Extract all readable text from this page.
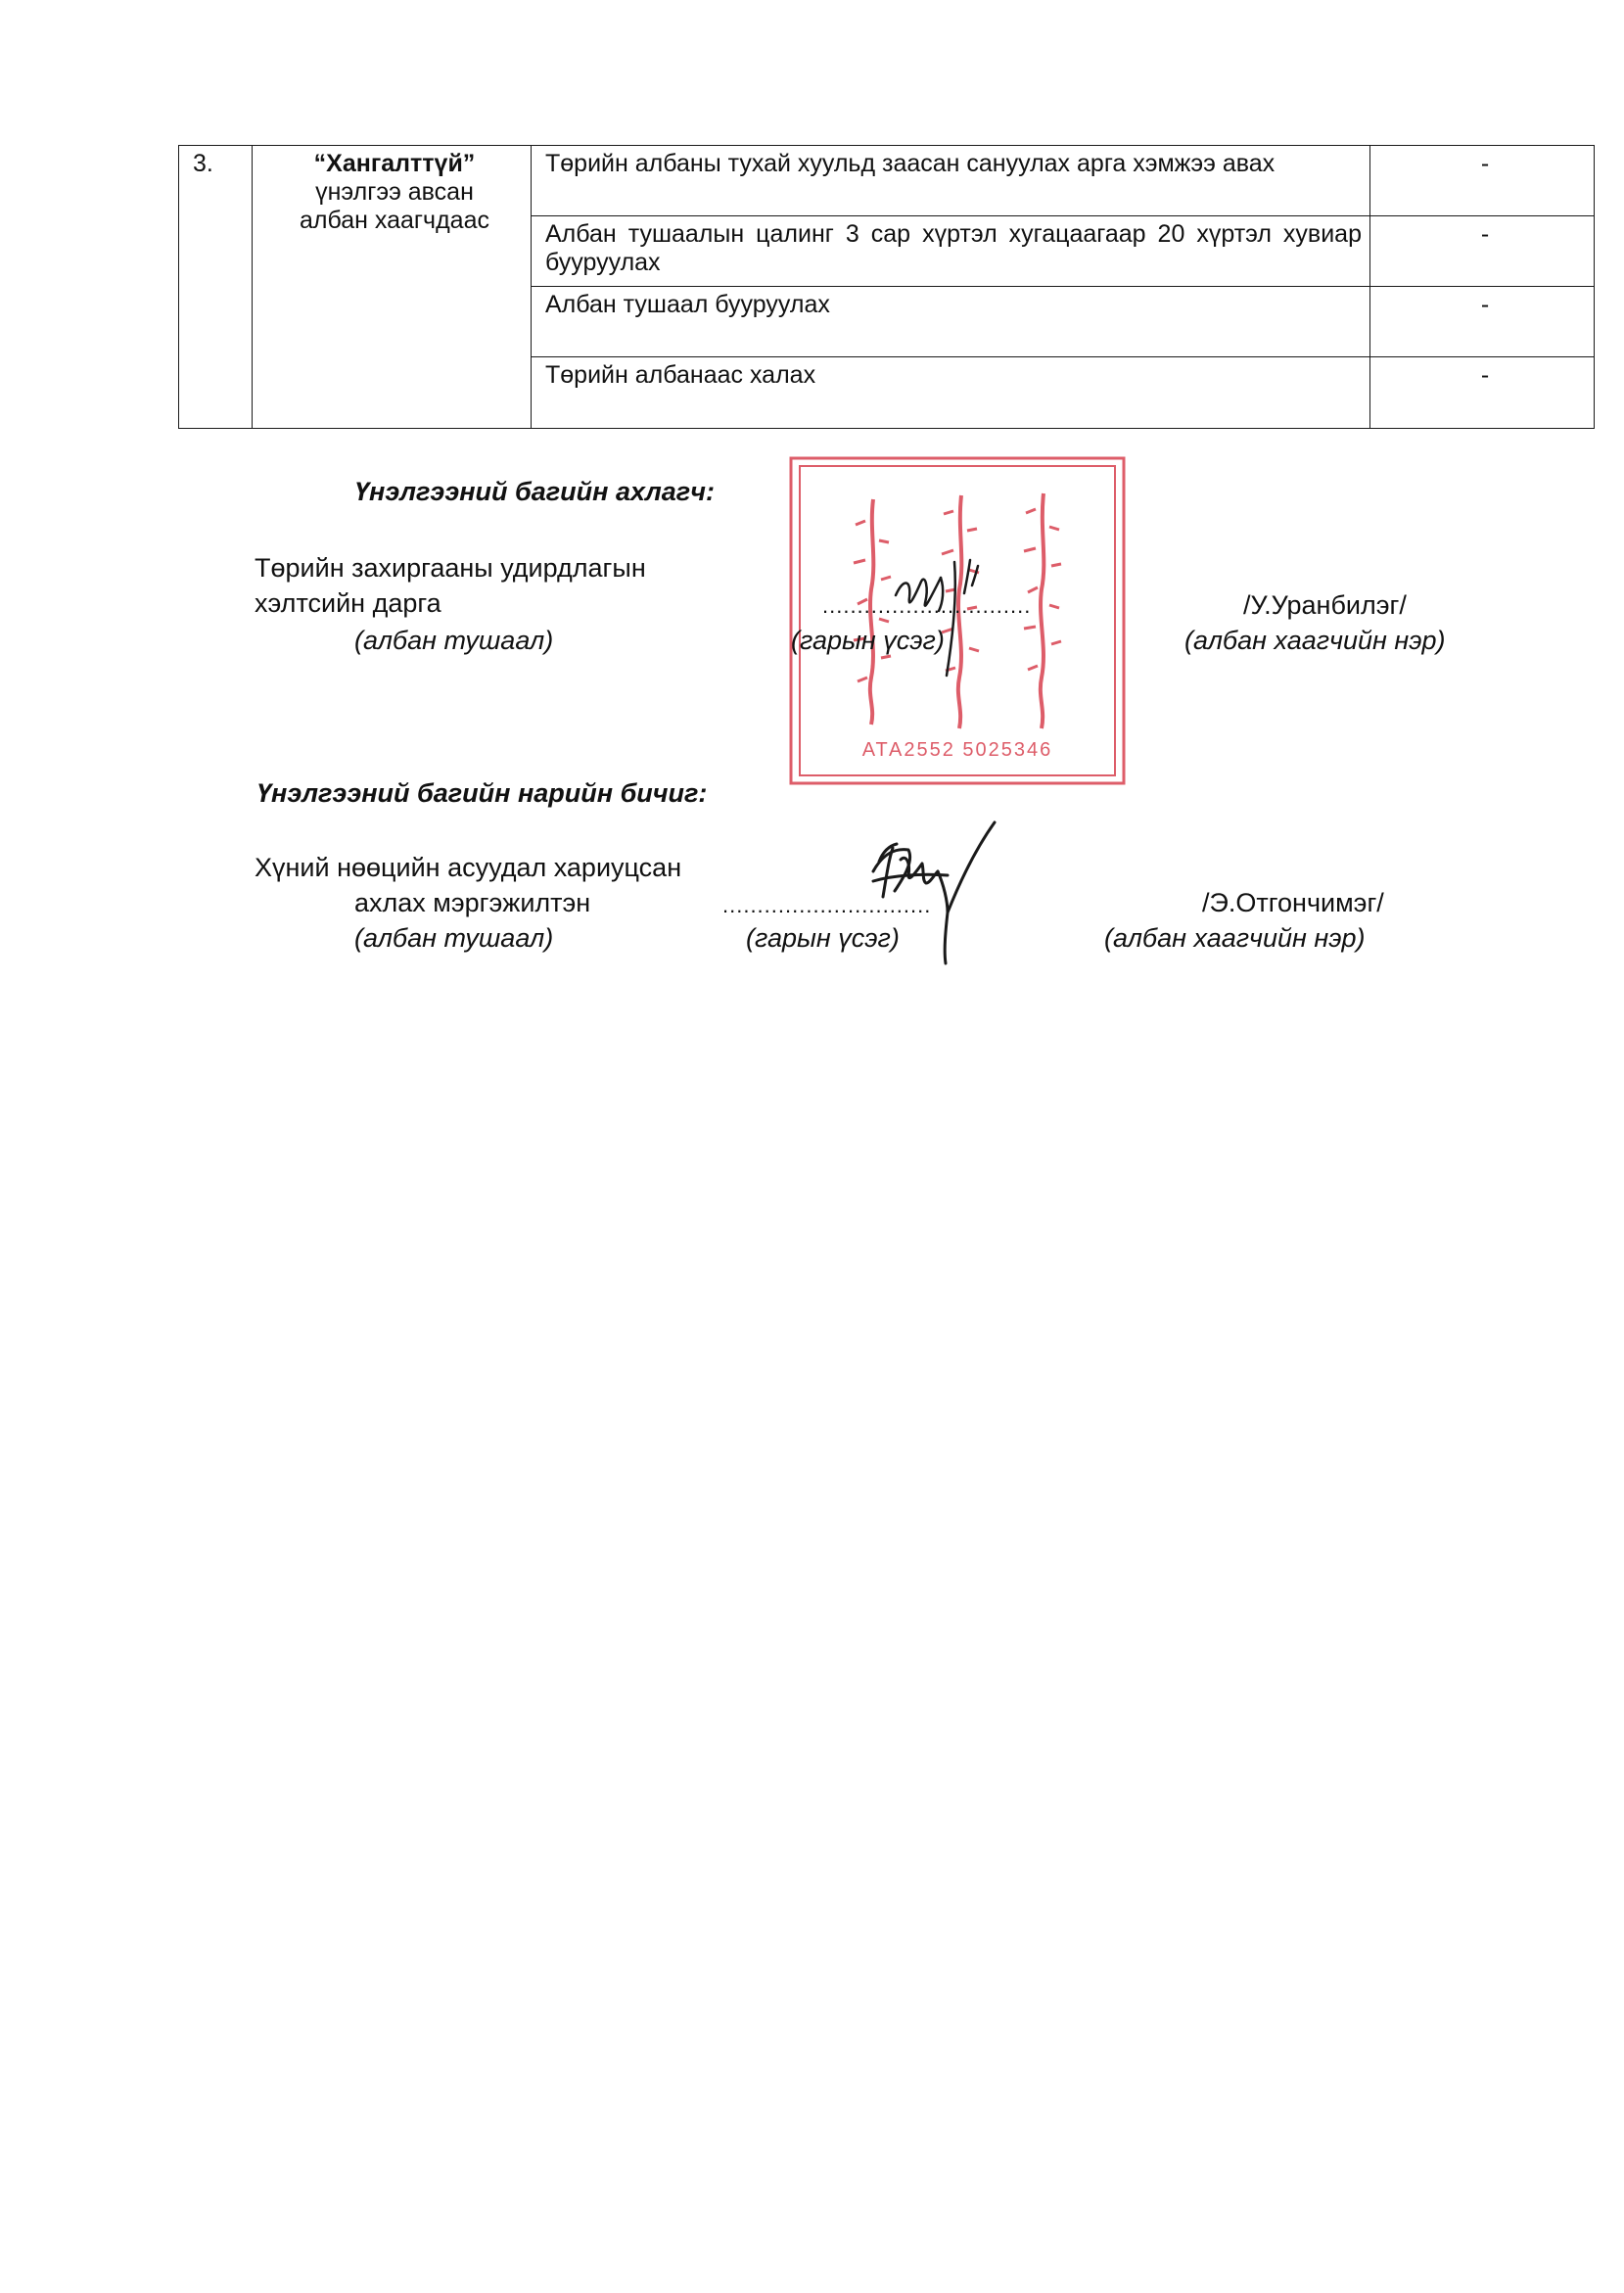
3.	“Хангалттүй”
үнэлгээ авсан
албан хаагчдаас	Төрийн албаны тухай хуульд заасан сануулах арга хэмжээ авах	-
		Албан тушаалын цалинг 3 сар хүртэл хугацаагаар 20 хүртэл хувиар бууруулах	-
		Албан тушаал бууруулах	-
		Төрийн албанаас халах	-
АТА2552 5025346
Үнэлгээний багийн ахлагч:
Төрийн захиргааны удирдлагын
хэлтсийн дарга
(албан тушаал)
..............................
(гарын үсэг)
/У.Уранбилэг/
(албан хаагчийн нэр)
Үнэлгээний багийн нарийн бичиг:
Хүний нөөцийн асуудал хариуцсан
ахлах мэргэжилтэн
(албан тушаал)
..............................
(гарын үсэг)
/Э.Отгончимэг/
(албан хаагчийн нэр)
